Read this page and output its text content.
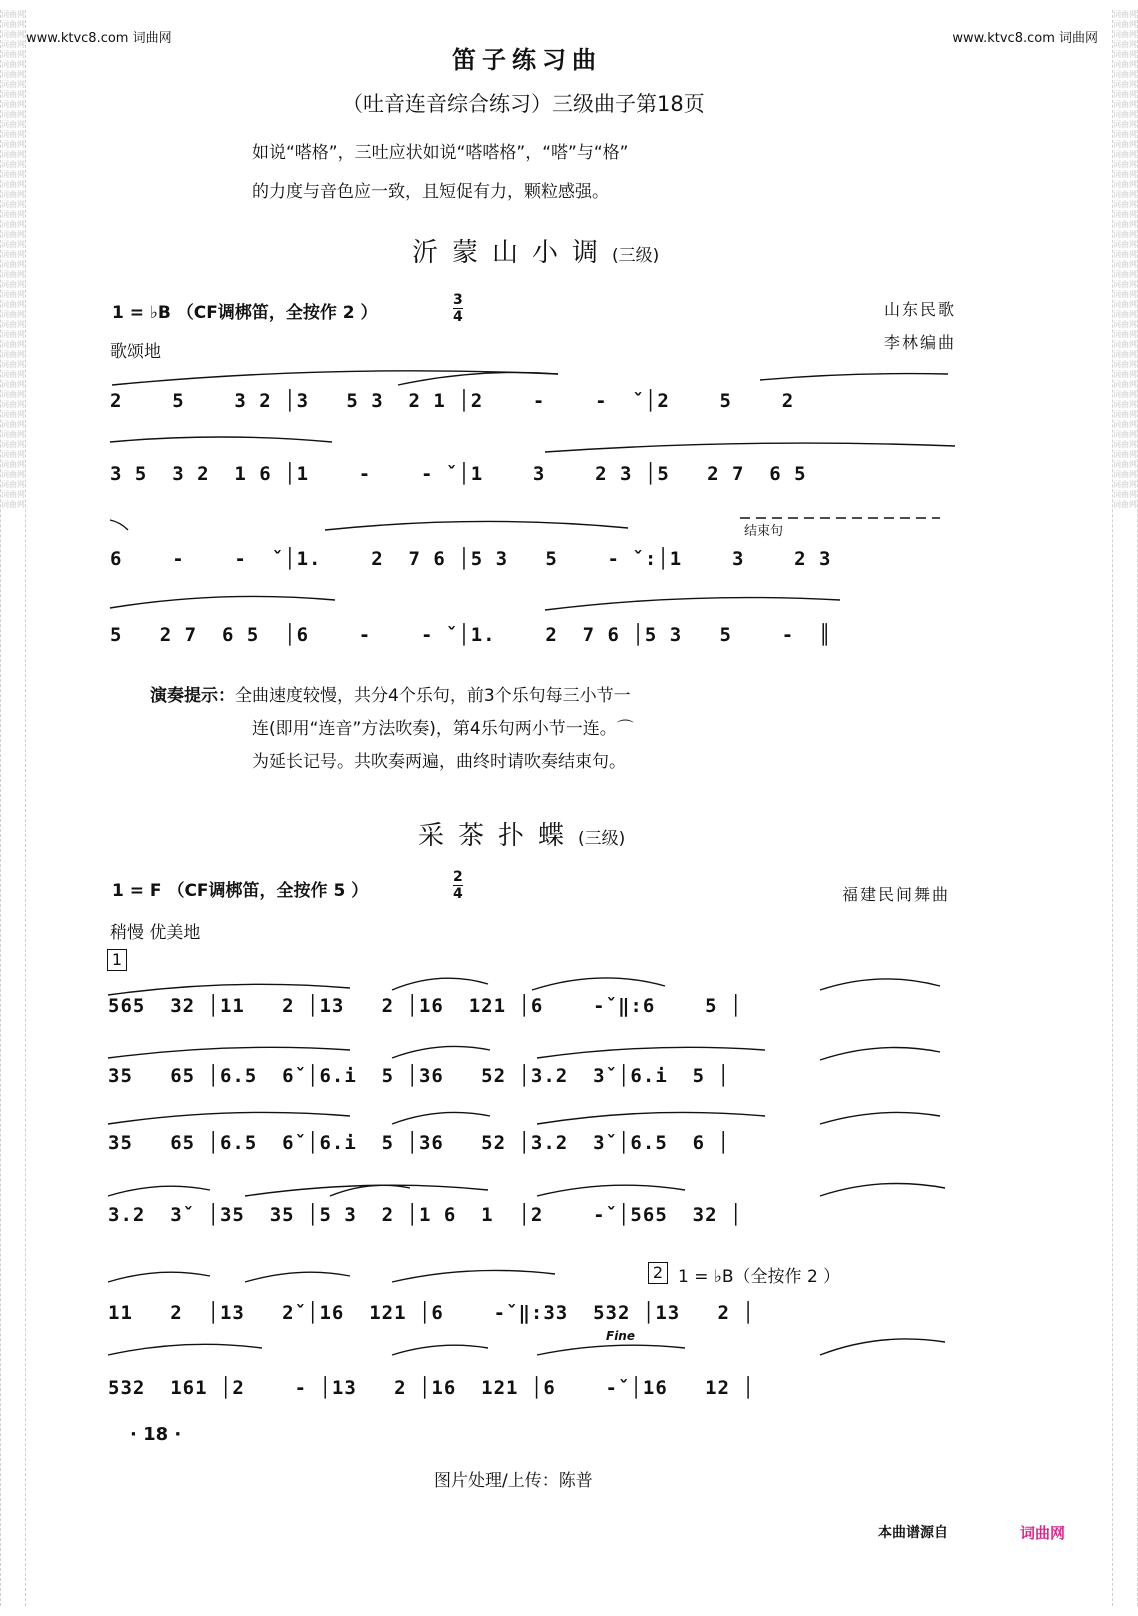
词曲网词曲网词曲网词曲网词曲网词曲网词曲网词曲网词曲网词曲网词曲网词曲网词曲网词曲网词曲网词曲网词曲网词曲网词曲网词曲网词曲网词曲网词曲网词曲网词曲网词曲网词曲网词曲网词曲网词曲网词曲网词曲网词曲网词曲网词曲网词曲网词曲网词曲网词曲网词曲网词曲网词曲网词曲网词曲网词曲网词曲网词曲网词曲网词曲网词曲网
词曲网词曲网词曲网词曲网词曲网词曲网词曲网词曲网词曲网词曲网词曲网词曲网词曲网词曲网词曲网词曲网词曲网词曲网词曲网词曲网词曲网词曲网词曲网词曲网词曲网词曲网词曲网词曲网词曲网词曲网词曲网词曲网词曲网词曲网词曲网词曲网词曲网词曲网词曲网词曲网词曲网词曲网词曲网词曲网词曲网词曲网词曲网词曲网词曲网词曲网
www.ktvc8.com 词曲网	www.ktvc8.com 词曲网
笛子练习曲
（吐音连音综合练习）三级曲子第18页
如说“嗒格”，三吐应状如说“嗒嗒格”，“嗒”与“格”
的力度与音色应一致，且短促有力，颗粒感强。
沂蒙山小调(三级)
1 = ♭B （CF调梆笛，全按作 2 ）
3
4	山东民歌
李林编曲
歌颂地
结束句
2    5    3 2 │3   5 3  2 1 │2    -    -  ˇ│2    5    2
3 5  3 2  1 6 │1    -    - ˇ│1    3    2 3 │5   2 7  6 5
6    -    -  ˇ│1.    2  7 6 │5 3   5    - ˇ:│1    3    2 3
5   2 7  6 5  │6    -    - ˇ│1.    2  7 6 │5 3   5    -  ║
演奏提示：全曲速度较慢，共分4个乐句，前3个乐句每三小节一
连(即用“连音”方法吹奏)，第4乐句两小节一连。⌒
为延长记号。共吹奏两遍，曲终时请吹奏结束句。
采茶扑蝶(三级)
1 = F （CF调梆笛，全按作 5 ）
2
4	福建民间舞曲
稍慢 优美地
1
565  32 │11   2 │13   2 │16  121 │6    -ˇ‖:6    5 │
35   65 │6.5  6ˇ│6.i  5 │36   52 │3.2  3ˇ│6.i  5 │
35   65 │6.5  6ˇ│6.i  5 │36   52 │3.2  3ˇ│6.5  6 │
3.2  3ˇ │35  35 │5 3  2 │1 6  1  │2    -ˇ│565  32 │
2 1 = ♭B（全按作 2 ）
Fine
11   2  │13   2ˇ│16  121 │6    -ˇ‖:33  532 │13   2 │
532  161 │2    - │13   2 │16  121 │6    -ˇ│16   12 │
· 18 ·
图片处理/上传：陈普
本曲谱源自	词曲网
